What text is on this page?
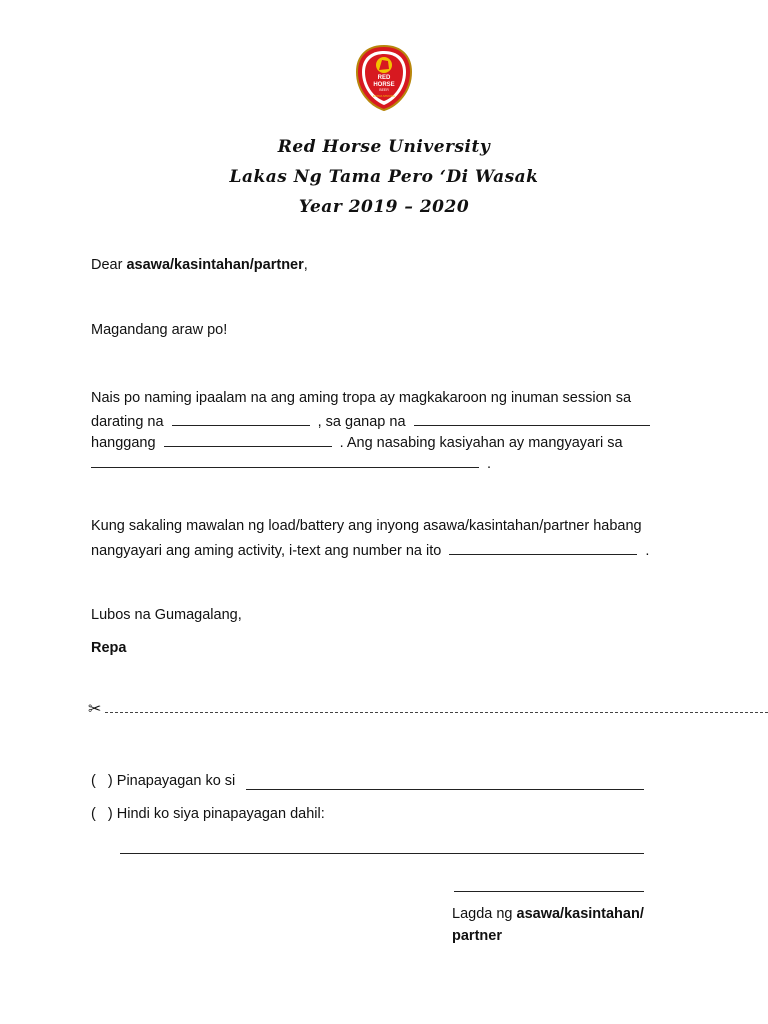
RED
HORSE
BEER
EXTRA STRONG
Red Horse University
Lakas Ng Tama Pero ‘Di Wasak
Year 2019 – 2020
Dear asawa/kasintahan/partner,
Magandang araw po!
Nais po naming ipaalam na ang aming tropa ay magkakaroon ng inuman session sa
darating na	, sa ganap na
hanggang	. Ang nasabing kasiyahan ay mangyayari sa
.
Kung sakaling mawalan ng load/battery ang inyong asawa/kasintahan/partner habang
nangyayari ang aming activity, i-text ang number na ito	.
Lubos na Gumagalang,
Repa
✂
(   ) Pinapayagan ko si
(   ) Hindi ko siya pinapayagan dahil:
Lagda ng asawa/kasintahan/
partner
